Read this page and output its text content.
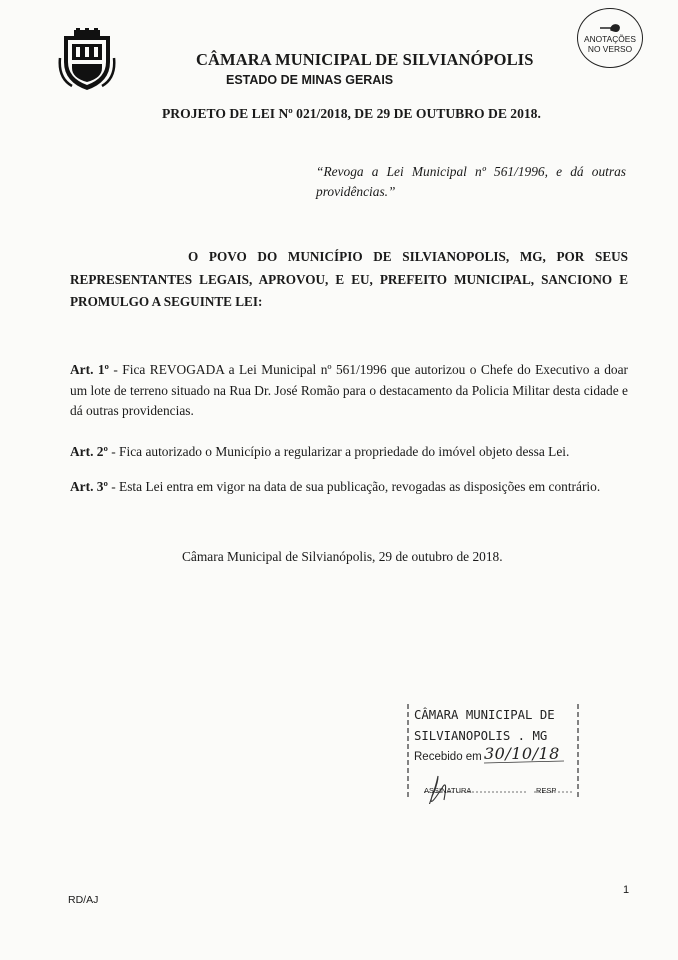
CÂMARA MUNICIPAL DE SILVIANÓPOLIS
ESTADO DE MINAS GERAIS
ANOTAÇÕES
NO VERSO
PROJETO DE LEI Nº 021/2018, DE 29 DE OUTUBRO DE 2018.
“Revoga a Lei Municipal nº 561/1996, e dá outras providências.”
O POVO DO MUNICÍPIO DE SILVIANOPOLIS, MG, POR SEUS REPRESENTANTES LEGAIS, APROVOU, E EU, PREFEITO MUNICIPAL, SANCIONO E PROMULGO A SEGUINTE LEI:
Art. 1º - Fica REVOGADA a Lei Municipal nº 561/1996 que autorizou o Chefe do Executivo a doar um lote de terreno situado na Rua Dr. José Romão para o destacamento da Policia Militar desta cidade e dá outras providencias.
Art. 2º - Fica autorizado o Município a regularizar a propriedade do imóvel objeto dessa Lei.
Art. 3º - Esta Lei entra em vigor na data de sua publicação, revogadas as disposições em contrário.
Câmara Municipal de Silvianópolis, 29 de outubro de 2018.
CÂMARA MUNICIPAL DE
SILVIANOPOLIS . MG
Recebido em 30/10/18
ASSINATURA	RESP
RD/AJ
1
